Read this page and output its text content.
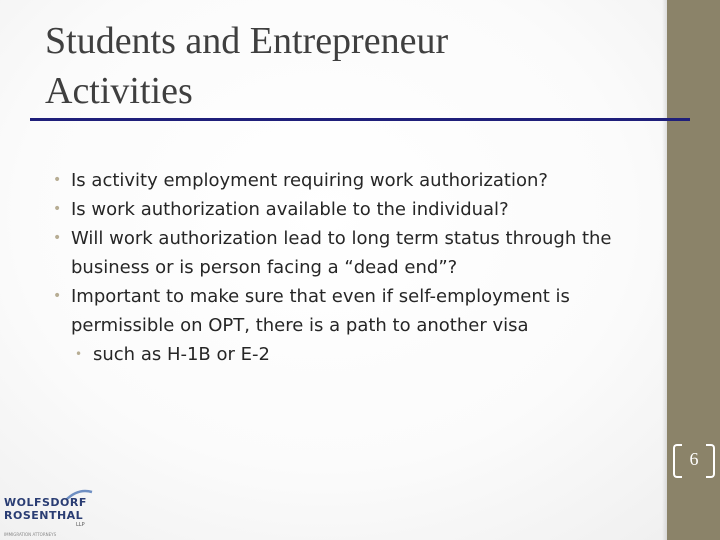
Students and Entrepreneur
Activities
• Is activity employment requiring work authorization?
• Is work authorization available to the individual?
• Will work authorization lead to long term status through the business or is person facing a “dead end”?
• Important to make sure that even if self-employment is permissible on OPT, there is a path to another visa
• such as H-1B or E-2
6
WOLFSDORF
ROSENTHAL
LLP
IMMIGRATION ATTORNEYS
